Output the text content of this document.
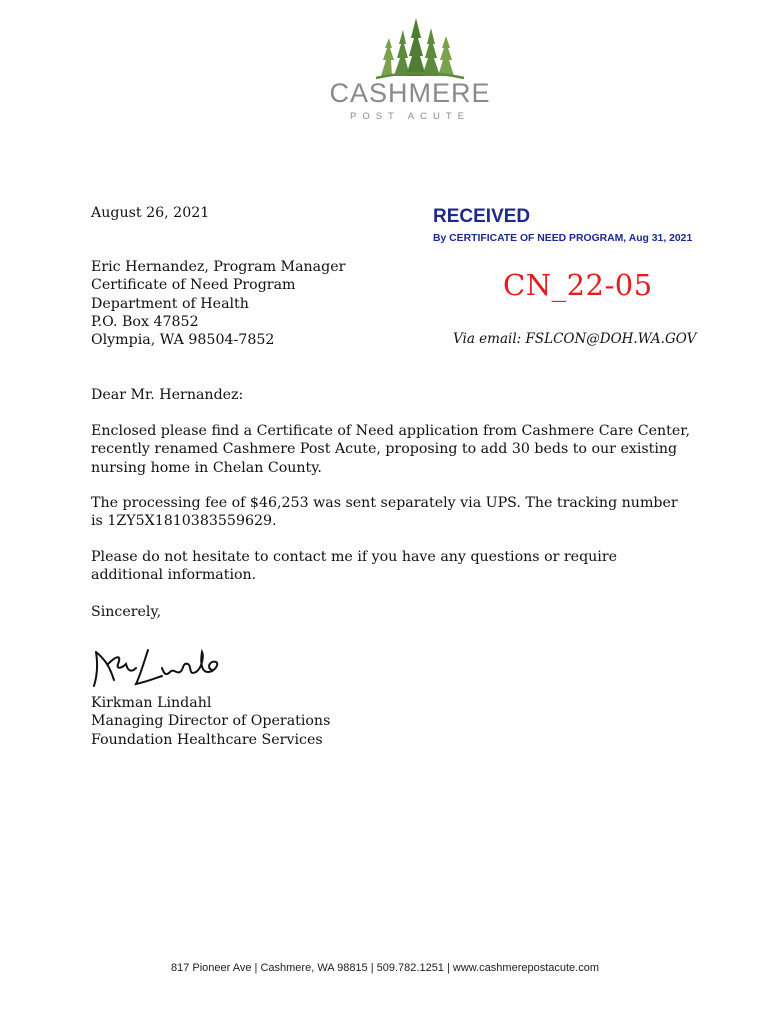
CASHMERE
POST ACUTE
August 26, 2021	RECEIVED
By CERTIFICATE OF NEED PROGRAM, Aug 31, 2021
Eric Hernandez, Program Manager
Certificate of Need Program
Department of Health
P.O. Box 47852
Olympia, WA 98504-7852
CN_22-05
Via email: FSLCON@DOH.WA.GOV
Dear Mr. Hernandez:
Enclosed please find a Certificate of Need application from Cashmere Care Center, recently renamed Cashmere Post Acute, proposing to add 30 beds to our existing nursing home in Chelan County.
The processing fee of $46,253 was sent separately via UPS. The tracking number is 1ZY5X1810383559629.
Please do not hesitate to contact me if you have any questions or require additional information.
Sincerely,
Kirkman Lindahl
Managing Director of Operations
Foundation Healthcare Services
817 Pioneer Ave | Cashmere, WA 98815 | 509.782.1251 | www.cashmerepostacute.com
